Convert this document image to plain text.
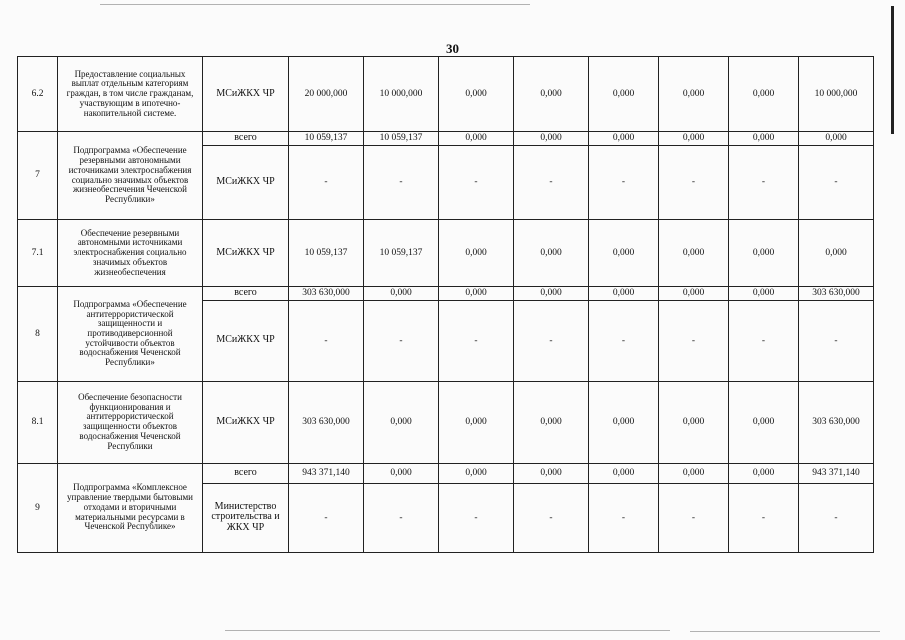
30
6.2	Предоставление социальных выплат отдельным категориям граждан, в том числе гражданам, участвующим в ипотечно-накопительной системе.	МСиЖКХ ЧР	20 000,000	10 000,000	0,000	0,000	0,000	0,000	0,000	10 000,000
7	Подпрограмма «Обеспечение резервными автономными источниками электроснабжения социально значимых объектов жизнеобеспечения Чеченской Республики»	всего	10 059,137	10 059,137	0,000	0,000	0,000	0,000	0,000	0,000
		МСиЖКХ ЧР	-	-	-	-	-	-	-	-
7.1	Обеспечение резервными автономными источниками электроснабжения социально значимых объектов жизнеобеспечения	МСиЖКХ ЧР	10 059,137	10 059,137	0,000	0,000	0,000	0,000	0,000	0,000
8	Подпрограмма «Обеспечение антитеррористической защищенности и противодиверсионной устойчивости объектов водоснабжения Чеченской Республики»	всего	303 630,000	0,000	0,000	0,000	0,000	0,000	0,000	303 630,000
		МСиЖКХ ЧР	-	-	-	-	-	-	-	-
8.1	Обеспечение безопасности функционирования и антитеррористической защищенности объектов водоснабжения Чеченской Республики	МСиЖКХ ЧР	303 630,000	0,000	0,000	0,000	0,000	0,000	0,000	303 630,000
9	Подпрограмма «Комплексное управление твердыми бытовыми отходами и вторичными материальными ресурсами в Чеченской Республике»	всего	943 371,140	0,000	0,000	0,000	0,000	0,000	0,000	943 371,140
		Министерство строительства и ЖКХ ЧР	-	-	-	-	-	-	-	-
